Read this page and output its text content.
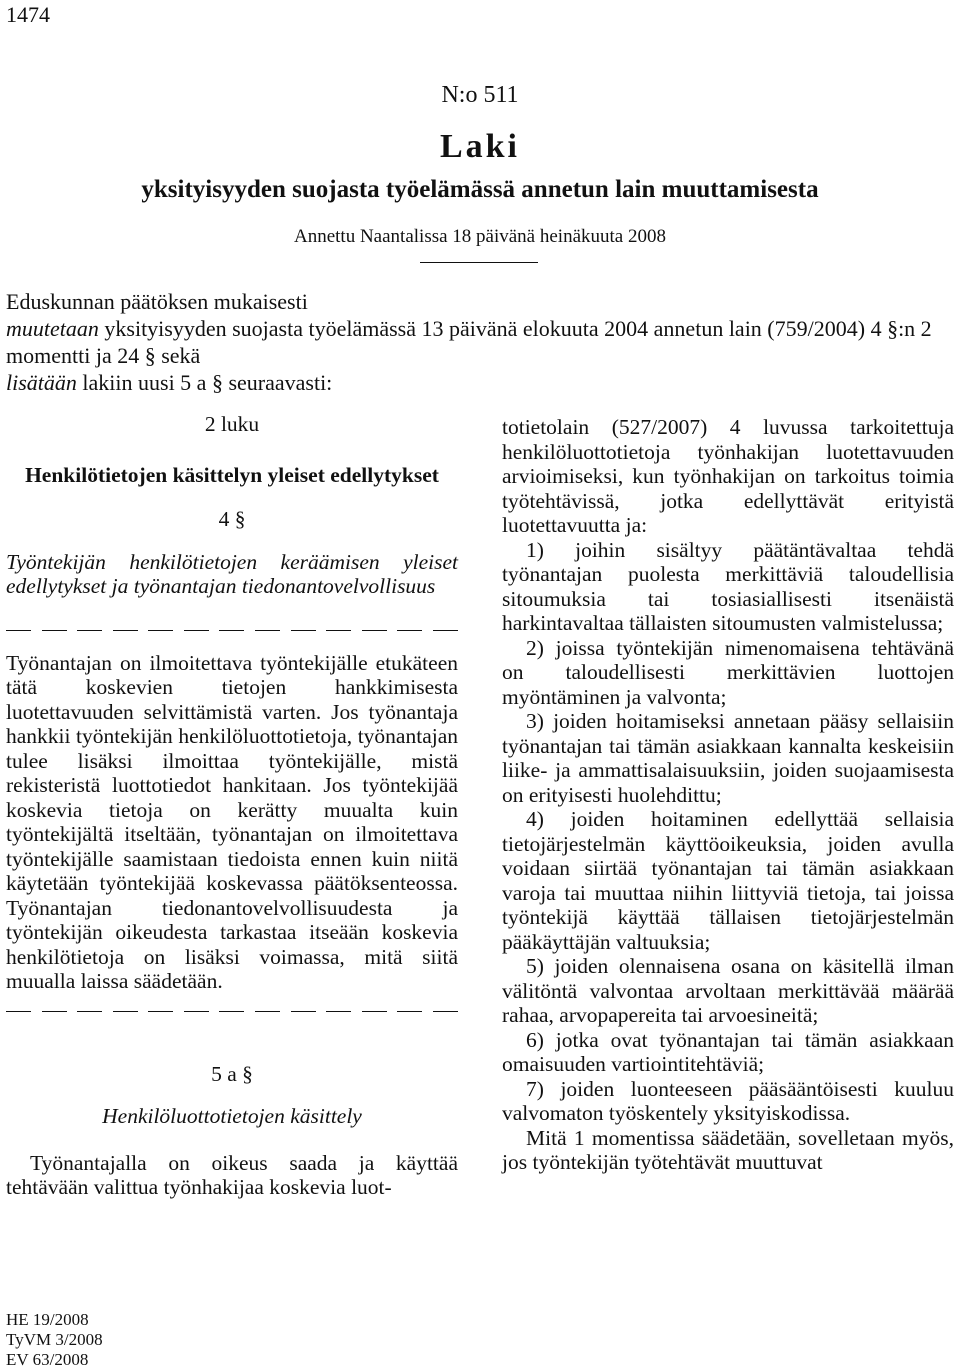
1474
N:o 511
Laki
yksityisyyden suojasta työelämässä annetun lain muuttamisesta
Annettu Naantalissa 18 päivänä heinäkuuta 2008

Eduskunnan päätöksen mukaisesti

muutetaan yksityisyyden suojasta työelämässä 13 päivänä elokuuta 2004 annetun lain (759/2004) 4 §:n 2 momentti ja 24 § sekä

lisätään lakiin uusi 5 a § seuraavasti:

2 luku

Henkilötietojen käsittelyn yleiset edellytykset

4 §

Työntekijän henkilötietojen keräämisen yleiset edellytykset ja työnantajan tiedonantovelvollisuus

Työnantajan on ilmoitettava työntekijälle etukäteen tätä koskevien tietojen hankkimisesta luotettavuuden selvittämistä varten. Jos työnantaja hankkii työntekijän henkilöluottotietoja, työnantajan tulee lisäksi ilmoittaa työntekijälle, mistä rekisteristä luottotiedot hankitaan. Jos työntekijää koskevia tietoja on kerätty muualta kuin työntekijältä itseltään, työnantajan on ilmoitettava työntekijälle saamistaan tiedoista ennen kuin niitä käytetään työntekijää koskevassa päätöksenteossa. Työnantajan tiedonantovelvollisuudesta ja työntekijän oikeudesta tarkastaa itseään koskevia henkilötietoja on lisäksi voimassa, mitä siitä muualla laissa säädetään.

5 a §

Henkilöluottotietojen käsittely

Työnantajalla on oikeus saada ja käyttää tehtävään valittua työnhakijaa koskevia luot-

totietolain (527/2007) 4 luvussa tarkoitettuja henkilöluottotietoja työnhakijan luotettavuuden arvioimiseksi, kun työnhakijan on tarkoitus toimia työtehtävissä, jotka edellyttävät erityistä luotettavuutta ja:

1) joihin sisältyy päätäntävaltaa tehdä työnantajan puolesta merkittäviä taloudellisia sitoumuksia tai tosiasiallisesti itsenäistä harkintavaltaa tällaisten sitoumusten valmistelussa;

2) joissa työntekijän nimenomaisena tehtävänä on taloudellisesti merkittävien luottojen myöntäminen ja valvonta;

3) joiden hoitamiseksi annetaan pääsy sellaisiin työnantajan tai tämän asiakkaan kannalta keskeisiin liike- ja ammattisalaisuuksiin, joiden suojaamisesta on erityisesti huolehdittu;

4) joiden hoitaminen edellyttää sellaisia tietojärjestelmän käyttöoikeuksia, joiden avulla voidaan siirtää työnantajan tai tämän asiakkaan varoja tai muuttaa niihin liittyviä tietoja, tai joissa työntekijä käyttää tällaisen tietojärjestelmän pääkäyttäjän valtuuksia;

5) joiden olennaisena osana on käsitellä ilman välitöntä valvontaa arvoltaan merkittävää määrää rahaa, arvopapereita tai arvoesineitä;

6) jotka ovat työnantajan tai tämän asiakkaan omaisuuden vartiointitehtäviä;

7) joiden luonteeseen pääsääntöisesti kuuluu valvomaton työskentely yksityiskodissa.

Mitä 1 momentissa säädetään, sovelletaan myös, jos työntekijän työtehtävät muuttuvat

HE 19/2008
TyVM 3/2008
EV 63/2008
